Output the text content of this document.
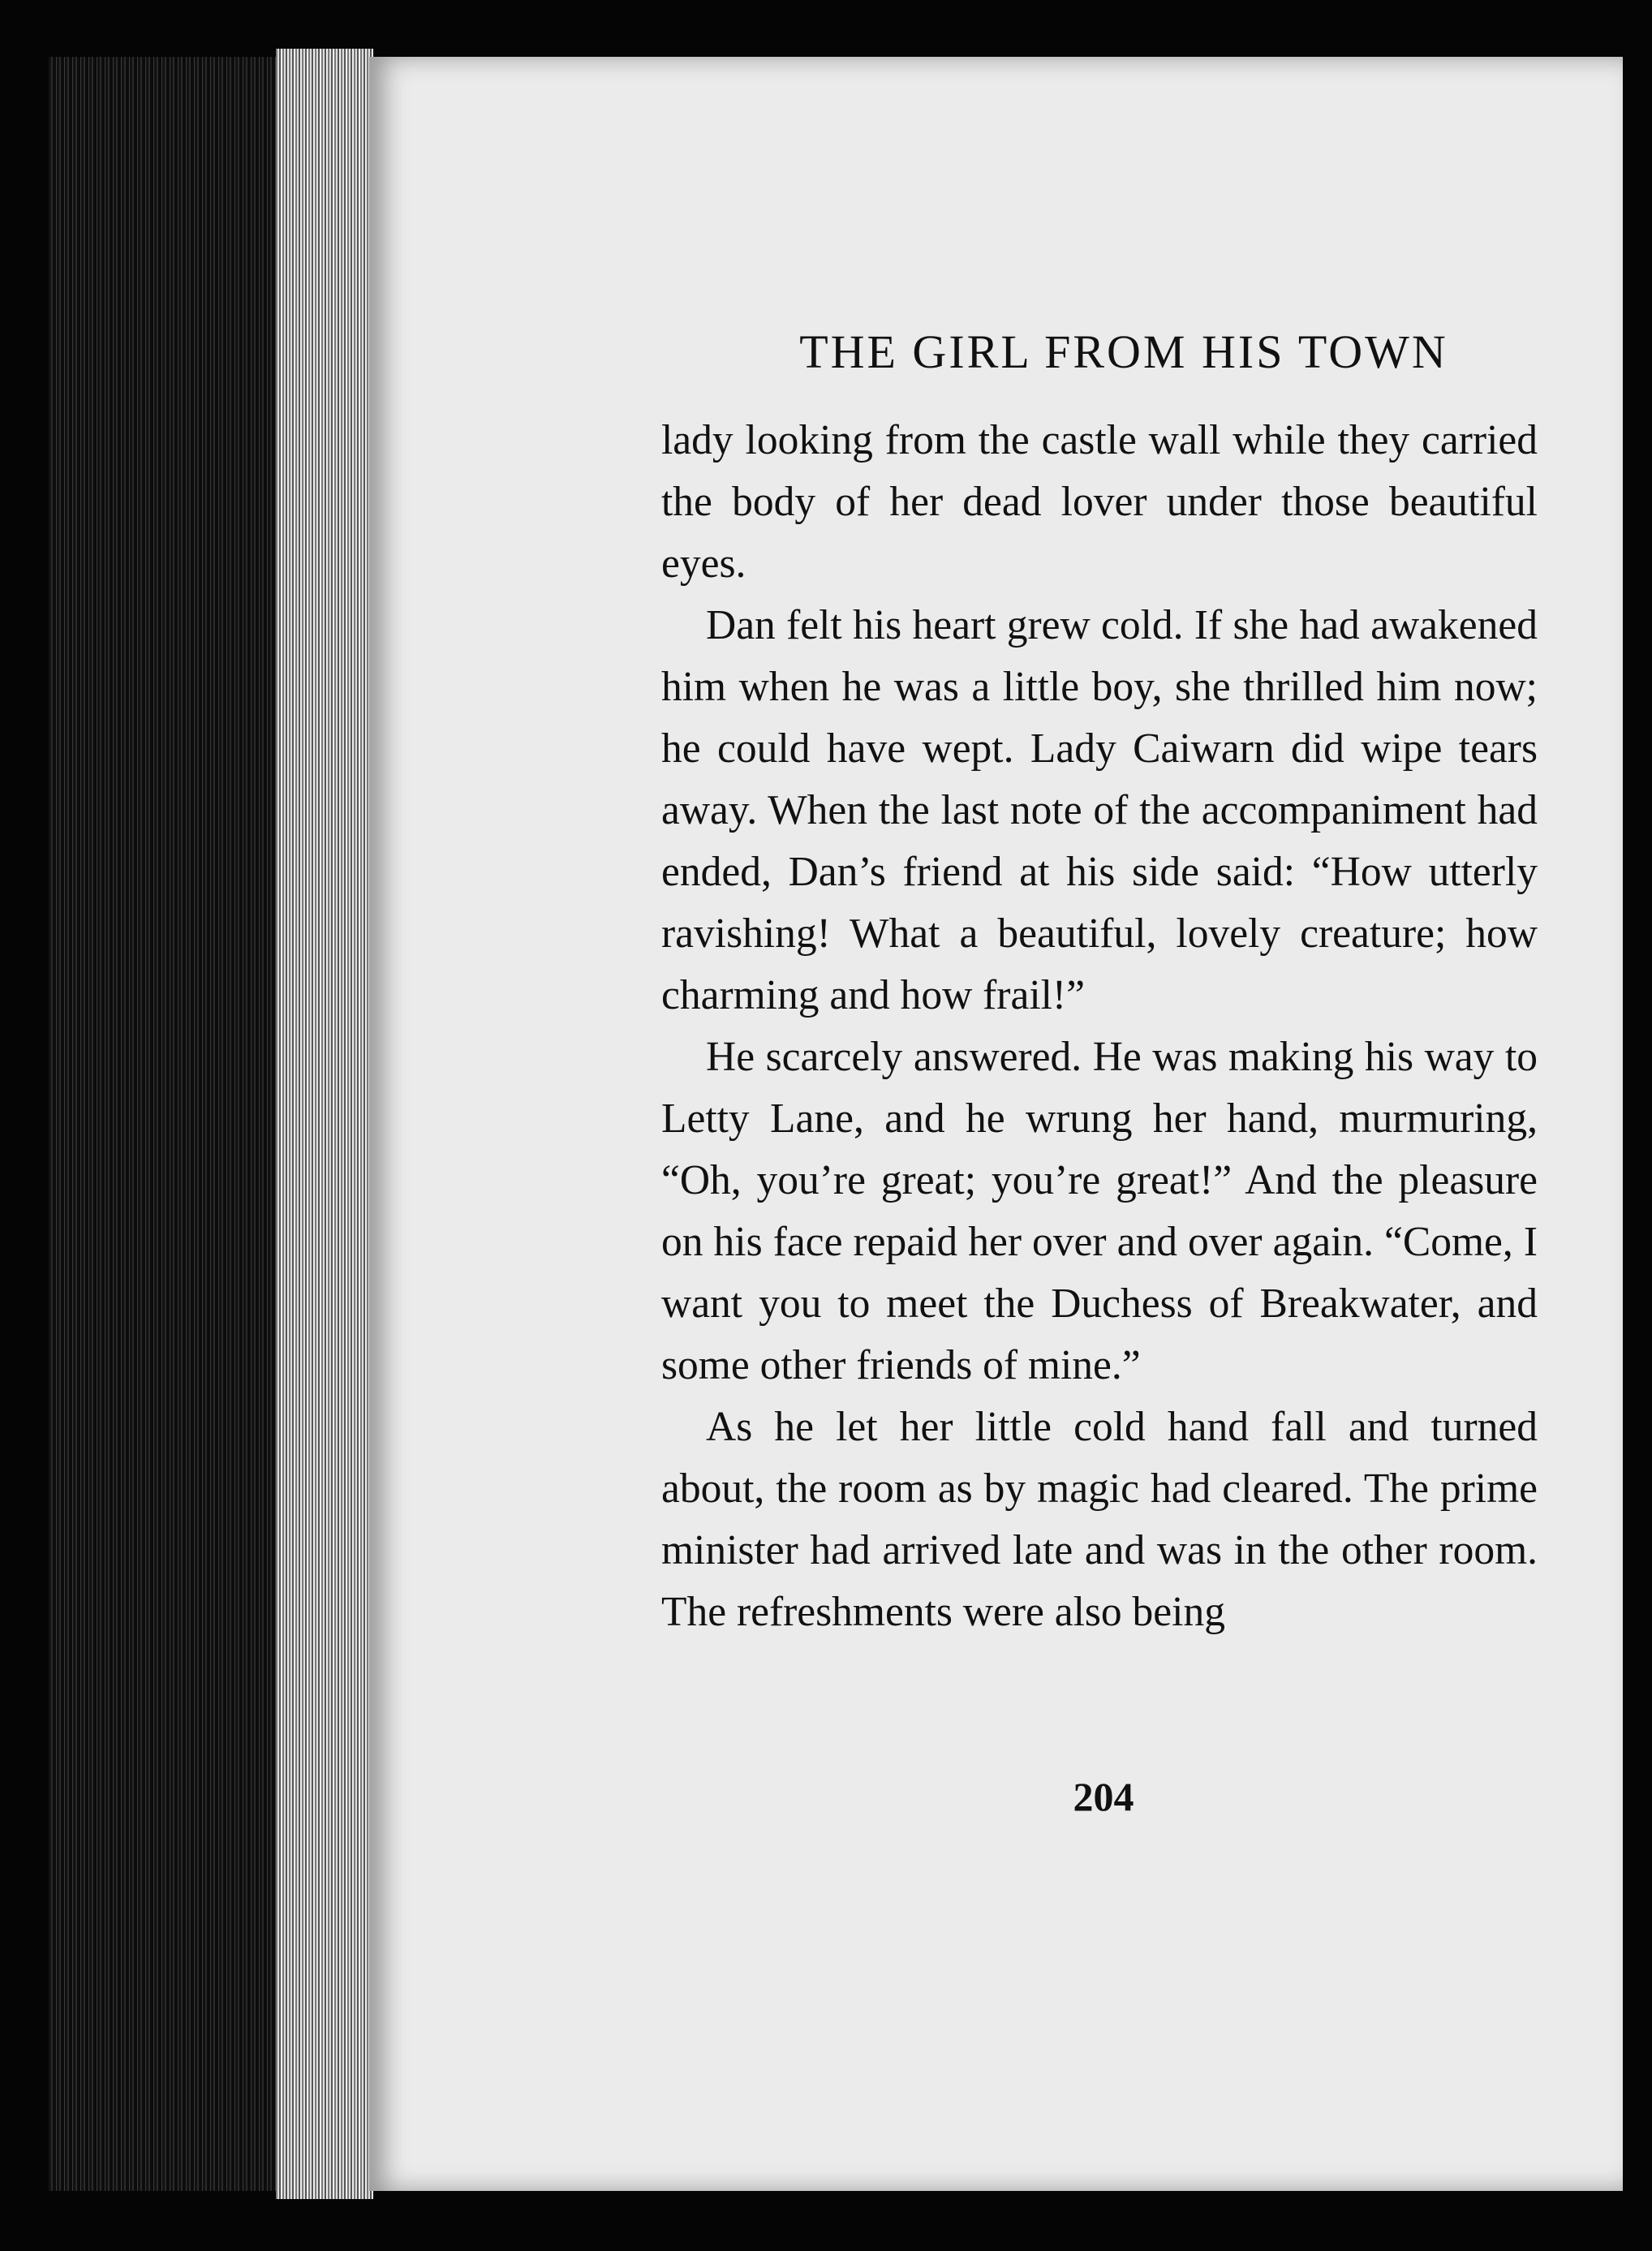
THE GIRL FROM HIS TOWN

lady looking from the castle wall while they carried the body of her dead lover under those beautiful eyes.

Dan felt his heart grew cold. If she had awakened him when he was a little boy, she thrilled him now; he could have wept. Lady Caiwarn did wipe tears away. When the last note of the accompaniment had ended, Dan’s friend at his side said: “How utterly ravishing! What a beautiful, lovely creature; how charming and how frail!”

He scarcely answered. He was making his way to Letty Lane, and he wrung her hand, murmuring, “Oh, you’re great; you’re great!” And the pleasure on his face repaid her over and over again. “Come, I want you to meet the Duchess of Breakwater, and some other friends of mine.”

As he let her little cold hand fall and turned about, the room as by magic had cleared. The prime minister had arrived late and was in the other room. The refreshments were also being

204
